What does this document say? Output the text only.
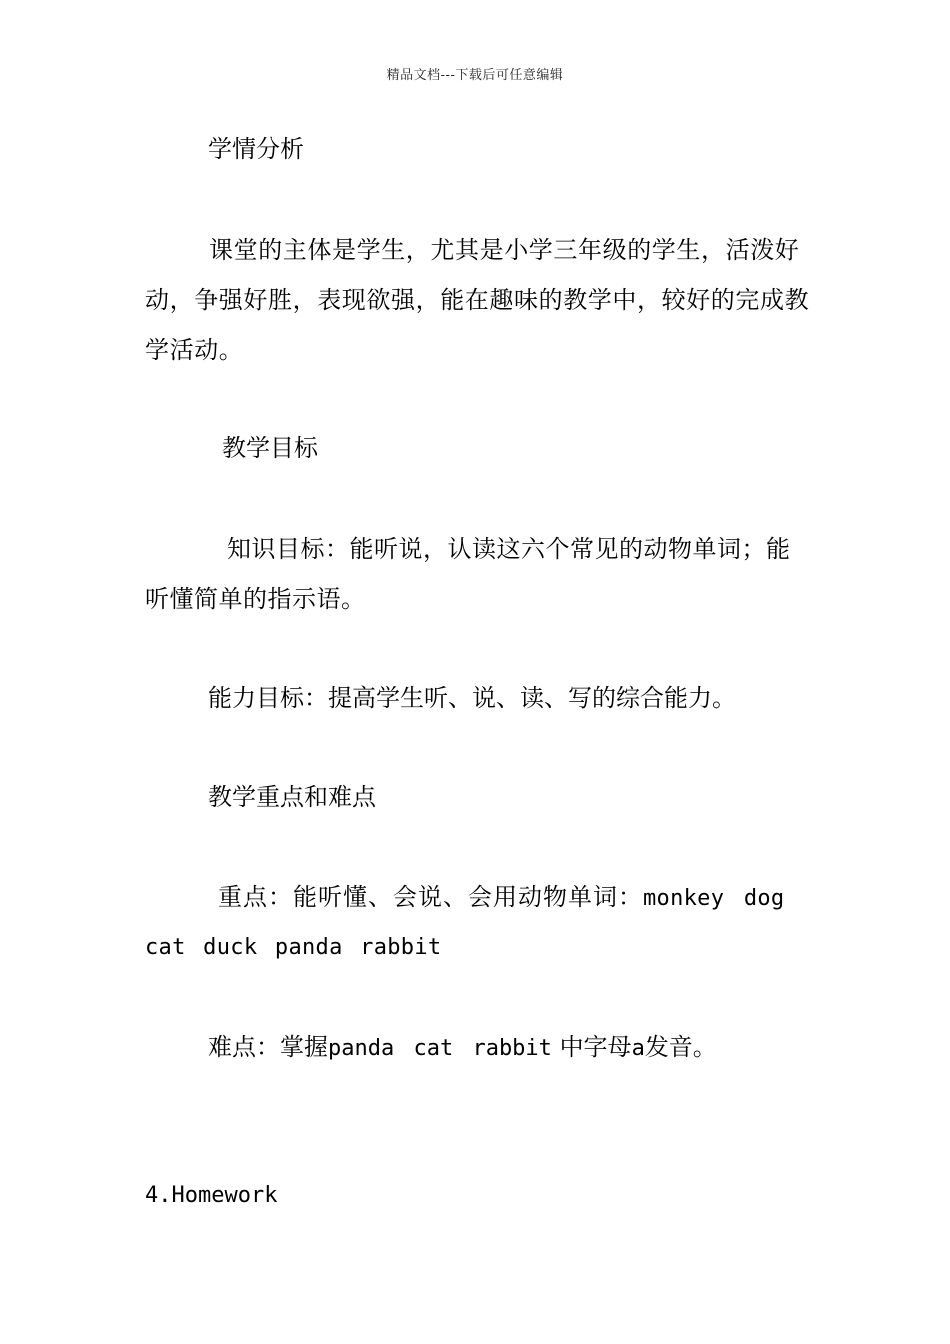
精品文档---下载后可任意编辑
学情分析

课堂的主体是学生，尤其是小学三年级的学生，活泼好动，争强好胜，表现欲强，能在趣味的教学中，较好的完成教学活动。

教学目标

知识目标：能听说，认读这六个常见的动物单词；能听懂简单的指示语。

能力目标：提高学生听、说、读、写的综合能力。
教学重点和难点
重点：能听懂、会说、会用动物单词：monkey dog
cat duck panda rabbit
难点：掌握panda cat rabbit 中字母a发音。
4.Homework
